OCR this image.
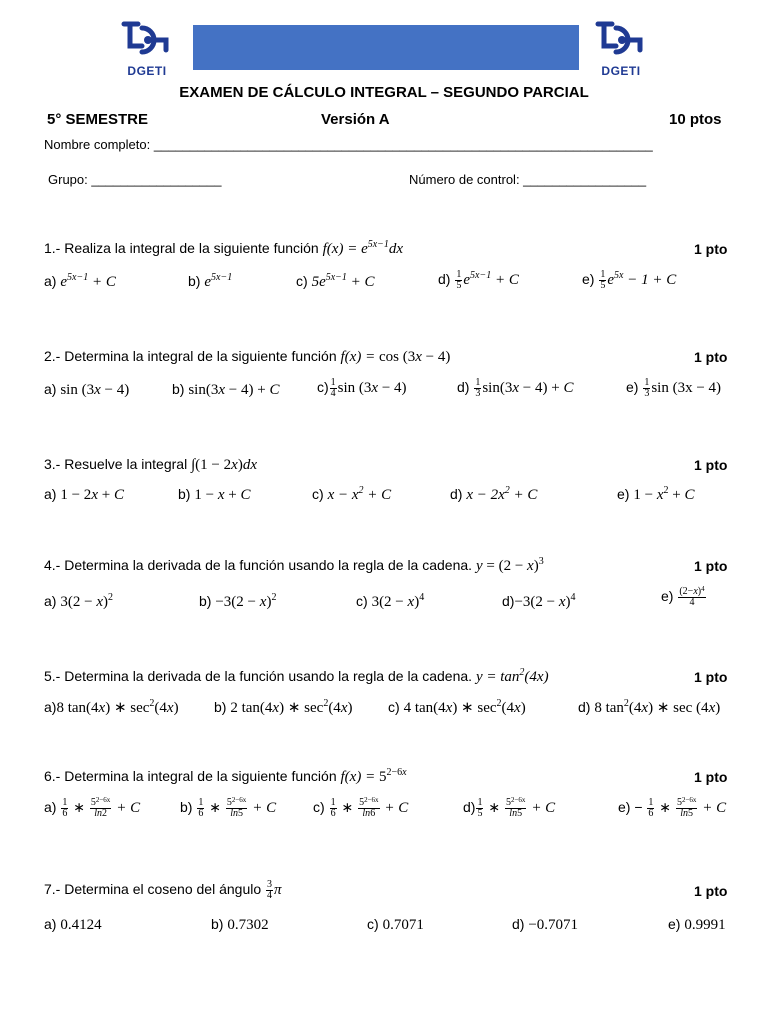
DGETI	DGETI
EXAMEN DE CÁLCULO INTEGRAL – SEGUNDO PARCIAL
5° SEMESTRE	Versión A	10 ptos
Nombre completo: _____________________________________________________________________
Grupo: __________________	Número de control: _________________
1.- Realiza la integral de la siguiente función $f(x) = e^{5x-1}dx$	1 pto
a) $e^{5x-1} + C$	b) $e^{5x-1}$	c) $5e^{5x-1} + C$	$d) \frac{1}{5} e^{5x-1} + C$	$e) \frac{1}{5} e^{5x} - 1 + C$
2.- Determina la integral de la siguiente función f(x) = cos (3x − 4)	1 pto
a) sin (3x − 4)	b) sin(3x − 4) + C	$c) \frac{1}{4}$ sin (3x − 4)	$d) \frac{1}{3} \sin(3x - 4) + C$	$e) \frac{1}{3}$ sin (3x − 4)
3.- Resuelve la integral ∫(1 − 2x)dx	1 pto
a) 1 − 2x + C	b) 1 − x + C	c) $x - x^2 + C$	d) $x - 2x^2 + C$	e) $1 - x^2 + C$
4.- Determina la derivada de la función usando la regla de la cadena. $y = (2 - x)^3$	1 pto
a) $3(2 - x)^2$	$b) -3(2 - x)^2$	c) $3(2 - x)^4$	$d)-3(2 - x)^4$	$e) \frac{(2-x)^4}{4}$
5.- Determina la derivada de la función usando la regla de la cadena. $y = \tan^2(4x)$	1 pto
a)8 tan(4x) ∗ $\sec^2(4x)$	b) 2 tan(4x) ∗ $\sec^2(4x)$	c) 4 tan(4x) ∗ $\sec^2(4x)$	d) 8 $\tan^2(4x)$ ∗ sec (4x)
6.- Determina la integral de la siguiente función $f(x) = 5^{2-6x}$	1 pto
$a) \frac{1}{6}$ ∗ $\frac{5^{2-6x}}{\ln 2} + C$	$b) \frac{1}{6}$ ∗ $\frac{5^{2-6x}}{\ln 5} + C$	$c) \frac{1}{6}$ ∗ $\frac{5^{2-6x}}{\ln 6} + C$	$d) \frac{1}{5}$ ∗ $\frac{5^{2-6x}}{\ln 5} + C$	$e) - \frac{1}{6}$ ∗ $\frac{5^{2-6x}}{\ln 5} + C$
7.- Determina el coseno del ángulo $\frac{3}{4}$ π	1 pto
a) 0.4124	b) 0.7302	c) 0.7071	d) −0.7071	e) 0.9991
